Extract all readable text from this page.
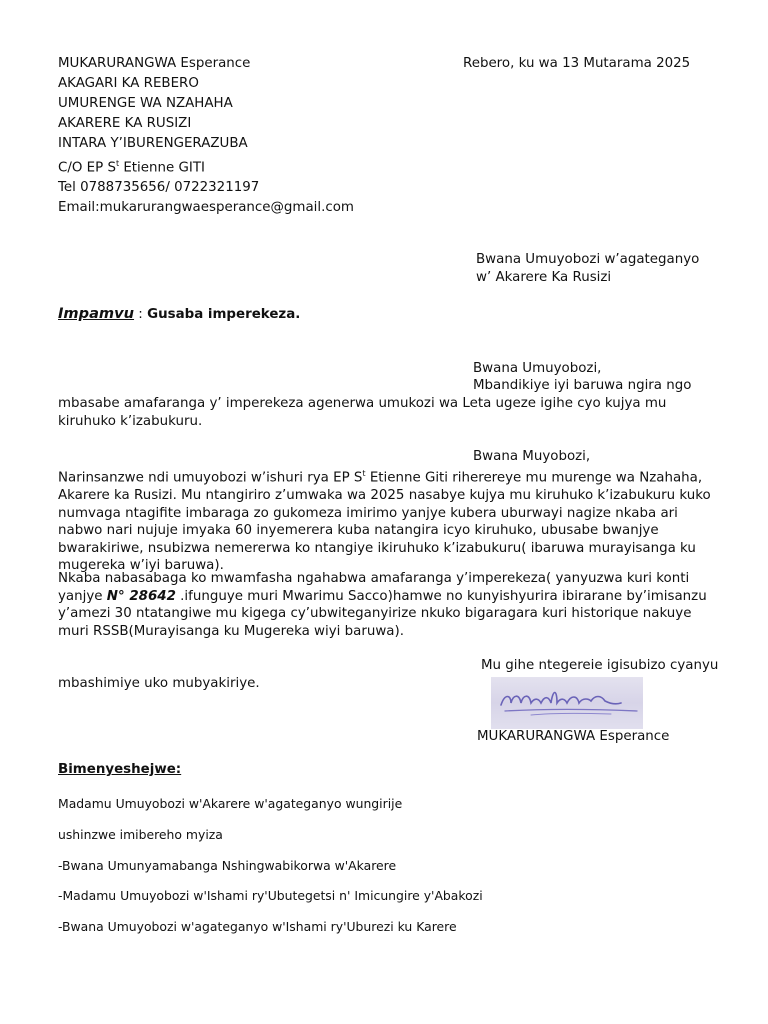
MUKARURANGWA Esperance
AKAGARI KA REBERO
UMURENGE WA NZAHAHA
AKARERE KA RUSIZI
INTARA Y’IBURENGERAZUBA
C/O EP $S^t$ Etienne GITI
Tel 0788735656/ 0722321197
Email:mukarurangwaesperance@gmail.com
Rebero, ku wa 13 Mutarama 2025
Bwana Umuyobozi w’agateganyo
w’ Akarere Ka Rusizi
Impamvu : Gusaba imperekeza.
Bwana Umuyobozi,
Mbandikiye iyi baruwa ngira ngo
mbasabe amafaranga y’ imperekeza agenerwa umukozi wa Leta ugeze igihe cyo kujya mu kiruhuko k’izabukuru.
Bwana Muyobozi,
Narinsanzwe ndi umuyobozi w’ishuri rya EP $S^t$ Etienne Giti riherereye mu murenge wa Nzahaha, Akarere ka Rusizi. Mu ntangiriro z’umwaka wa 2025 nasabye kujya mu kiruhuko k’izabukuru kuko numvaga ntagifite imbaraga zo gukomeza imirimo yanjye kubera uburwayi nagize nkaba ari nabwo nari nujuje imyaka 60 inyemerera kuba natangira icyo kiruhuko, ubusabe bwanjye bwarakiriwe, nsubizwa nemererwa ko ntangiye ikiruhuko k’izabukuru( ibaruwa murayisanga ku mugereka w’iyi baruwa).
Nkaba nabasabaga ko mwamfasha ngahabwa amafaranga y’imperekeza( yanyuzwa kuri konti yanjye N° 28642 .ifunguye muri Mwarimu Sacco)hamwe no kunyishyurira ibirarane by’imisanzu y’amezi 30 ntatangiwe mu kigega cy’ubwiteganyirize nkuko bigaragara kuri historique nakuye muri RSSB(Murayisanga ku Mugereka wiyi baruwa).
Mu gihe ntegereie igisubizo cyanyu
mbashimiye uko mubyakiriye.
MUKARURANGWA Esperance
Bimenyeshejwe:
Madamu Umuyobozi w'Akarere w'agateganyo wungirije
ushinzwe imibereho myiza
-Bwana Umunyamabanga Nshingwabikorwa w'Akarere
-Madamu Umuyobozi w'Ishami ry'Ubutegetsi n' Imicungire y'Abakozi
-Bwana Umuyobozi w'agateganyo w'Ishami ry'Uburezi ku Karere
